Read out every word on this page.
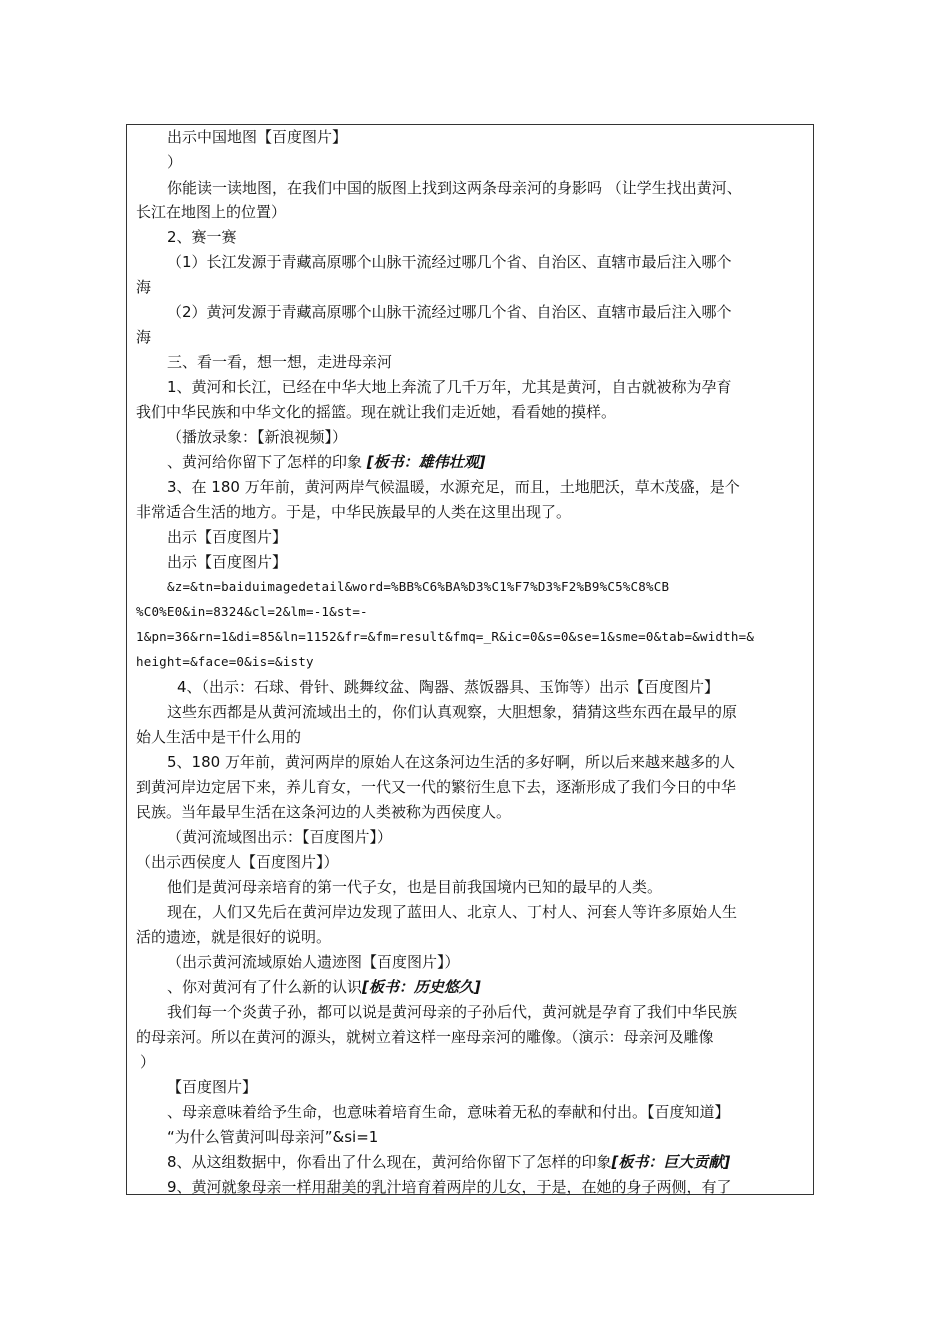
出示中国地图【百度图片】
）
你能读一读地图，在我们中国的版图上找到这两条母亲河的身影吗 （让学生找出黄河、
长江在地图上的位置）
2、赛一赛
（1）长江发源于青藏高原哪个山脉干流经过哪几个省、自治区、直辖市最后注入哪个
海
（2）黄河发源于青藏高原哪个山脉干流经过哪几个省、自治区、直辖市最后注入哪个
海
三、看一看，想一想，走进母亲河
1、黄河和长江，已经在中华大地上奔流了几千万年，尤其是黄河，自古就被称为孕育
我们中华民族和中华文化的摇篮。现在就让我们走近她，看看她的摸样。
（播放录象：【新浪视频】）
、黄河给你留下了怎样的印象 [板书：雄伟壮观]
3、在 180 万年前，黄河两岸气候温暖，水源充足，而且，土地肥沃，草木茂盛，是个
非常适合生活的地方。于是，中华民族最早的人类在这里出现了。
出示【百度图片】
出示【百度图片】
&z=&tn=baiduimagedetail&word=%BB%C6%BA%D3%C1%F7%D3%F2%B9%C5%C8%CB
%C0%E0&in=8324&cl=2&lm=-1&st=-
1&pn=36&rn=1&di=85&ln=1152&fr=&fm=result&fmq=_R&ic=0&s=0&se=1&sme=0&tab=&width=&
height=&face=0&is=&isty
4、（出示：石球、骨针、跳舞纹盆、陶器、蒸饭器具、玉饰等）出示【百度图片】
这些东西都是从黄河流域出土的，你们认真观察，大胆想象，猜猜这些东西在最早的原
始人生活中是干什么用的
5、180 万年前，黄河两岸的原始人在这条河边生活的多好啊，所以后来越来越多的人
到黄河岸边定居下来，养儿育女，一代又一代的繁衍生息下去，逐渐形成了我们今日的中华
民族。当年最早生活在这条河边的人类被称为西侯度人。
（黄河流域图出示：【百度图片】）
（出示西侯度人【百度图片】）
他们是黄河母亲培育的第一代子女，也是目前我国境内已知的最早的人类。
现在，人们又先后在黄河岸边发现了蓝田人、北京人、丁村人、河套人等许多原始人生
活的遗迹，就是很好的说明。
（出示黄河流域原始人遗迹图【百度图片】）
、你对黄河有了什么新的认识[板书：历史悠久]
我们每一个炎黄子孙，都可以说是黄河母亲的子孙后代，黄河就是孕育了我们中华民族
的母亲河。所以在黄河的源头，就树立着这样一座母亲河的雕像。（演示：母亲河及雕像
）
【百度图片】
、母亲意味着给予生命，也意味着培育生命，意味着无私的奉献和付出。【百度知道】
“为什么管黄河叫母亲河”&si=1
8、从这组数据中，你看出了什么现在，黄河给你留下了怎样的印象[板书：巨大贡献]
9、黄河就象母亲一样用甜美的乳汁培育着两岸的儿女，于是，在她的身子两侧，有了
